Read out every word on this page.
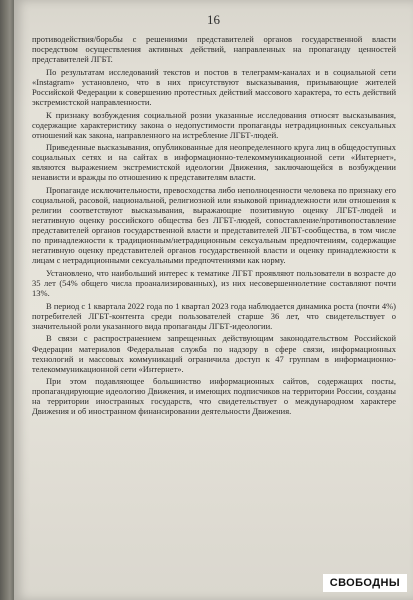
16

противодействия/борьбы с решениями представителей органов государственной власти посредством осуществления активных действий, направленных на пропаганду ценностей представителей ЛГБТ.

По результатам исследований текстов и постов в телеграмм-каналах и в социальной сети «Instagram» установлено, что в них присутствуют высказывания, призывающие жителей Российской Федерации к совершению протестных действий массового характера, то есть действий экстремистской направленности.

К признаку возбуждения социальной розни указанные исследования относят высказывания, содержащие характеристику закона о недопустимости пропаганды нетрадиционных сексуальных отношений как закона, направленного на истребление ЛГБТ-людей.

Приведенные высказывания, опубликованные для неопределенного круга лиц в общедоступных социальных сетях и на сайтах в информационно-телекоммуникационной сети «Интернет», являются выражением экстремистской идеологии Движения, заключающейся в возбуждении ненависти и вражды по отношению к представителям власти.

Пропаганде исключительности, превосходства либо неполноценности человека по признаку его социальной, расовой, национальной, религиозной или языковой принадлежности или отношения к религии соответствуют высказывания, выражающие позитивную оценку ЛГБТ-людей и негативную оценку российского общества без ЛГБТ-людей, сопоставление/противопоставление представителей органов государственной власти и представителей ЛГБТ-сообщества, в том числе по принадлежности к традиционным/нетрадиционным сексуальным предпочтениям, содержащие негативную оценку представителей органов государственной власти и оценку принадлежности к лицам с нетрадиционными сексуальными предпочтениями как норму.

Установлено, что наибольший интерес к тематике ЛГБТ проявляют пользователи в возрасте до 35 лет (54% общего числа проанализированных), из них несовершеннолетние составляют почти 13%.

В период с 1 квартала 2022 года по 1 квартал 2023 года наблюдается динамика роста (почти 4%) потребителей ЛГБТ-контента среди пользователей старше 36 лет, что свидетельствует о значительной роли указанного вида пропаганды ЛГБТ-идеологии.

В связи с распространением запрещенных действующим законодательством Российской Федерации материалов Федеральная служба по надзору в сфере связи, информационных технологий и массовых коммуникаций ограничила доступ к 47 группам в информационно-телекоммуникационной сети «Интернет».

При этом подавляющее большинство информационных сайтов, содержащих посты, пропагандирующие идеологию Движения, и имеющих подписчиков на территории России, созданы на территории иностранных государств, что свидетельствует о международном характере Движения и об иностранном финансировании деятельности Движения.

СВОБОДНЫ
